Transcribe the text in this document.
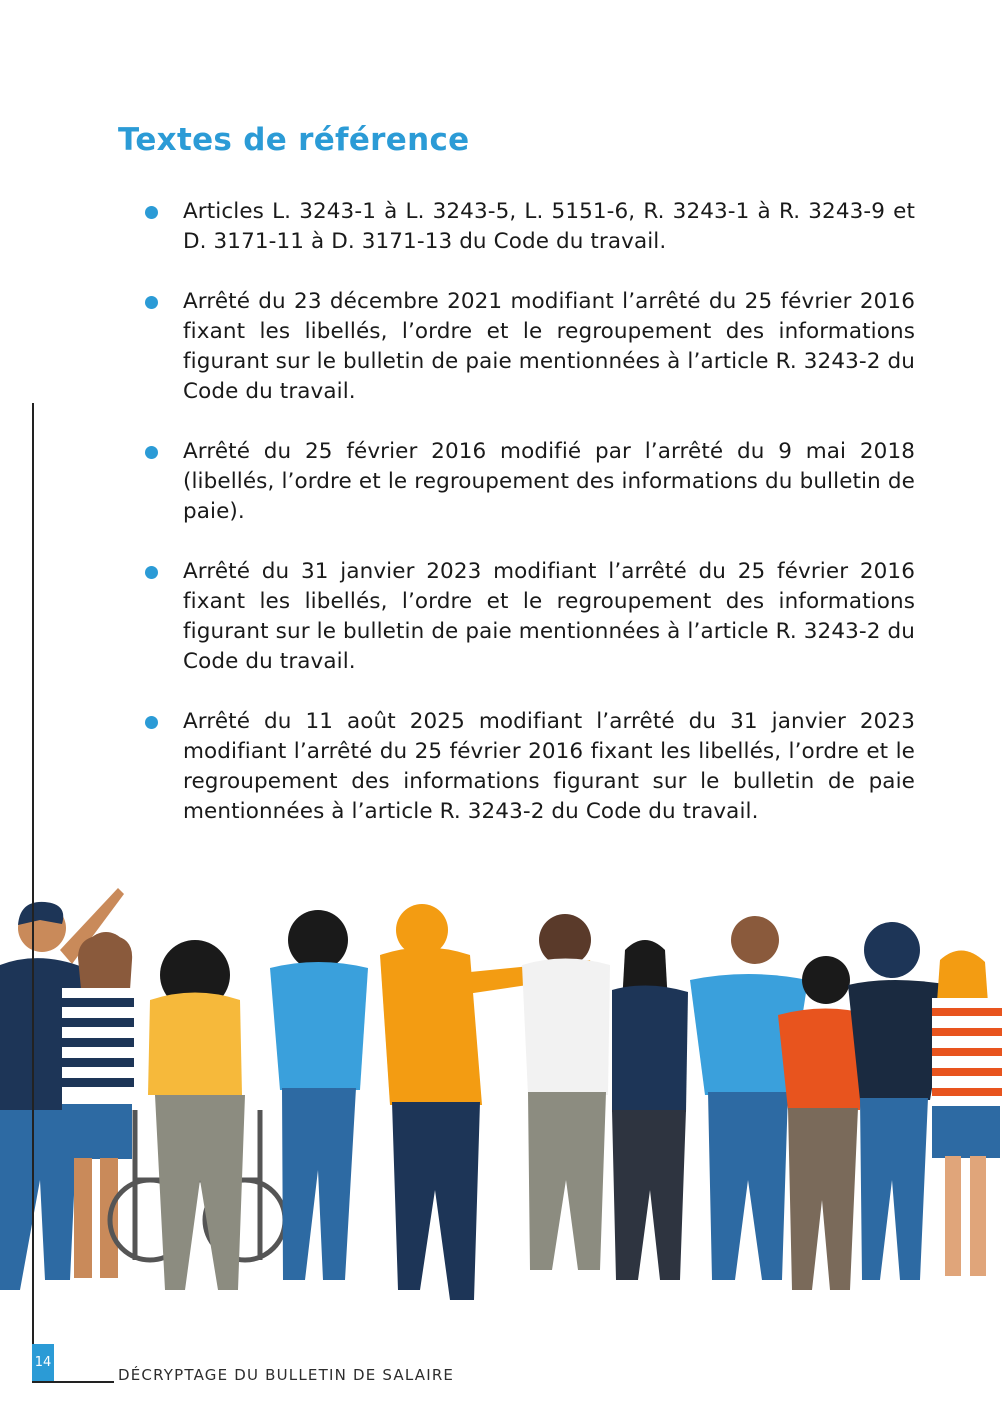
Textes de référence
Articles L. 3243-1 à L. 3243-5, L. 5151-6, R. 3243-1 à R. 3243-9 et D. 3171-11 à D. 3171-13 du Code du travail.
Arrêté du 23 décembre 2021 modifiant l’arrêté du 25 février 2016 fixant les libellés, l’ordre et le regroupement des informations figurant sur le bulletin de paie mentionnées à l’article R. 3243-2 du Code du travail.
Arrêté du 25 février 2016 modifié par l’arrêté du 9 mai 2018 (libellés, l’ordre et le regroupement des informations du bulletin de paie).
Arrêté du 31 janvier 2023 modifiant l’arrêté du 25 février 2016 fixant les libellés, l’ordre et le regroupement des informations figurant sur le bulletin de paie mentionnées à l’article R. 3243-2 du Code du travail.
Arrêté du 11 août 2025 modifiant l’arrêté du 31 janvier 2023 modifiant l’arrêté du 25 février 2016 fixant les libellés, l’ordre et le regroupement des informations figurant sur le bulletin de paie mentionnées à l’article R. 3243-2 du Code du travail.
14
DÉCRYPTAGE DU BULLETIN DE SALAIRE
